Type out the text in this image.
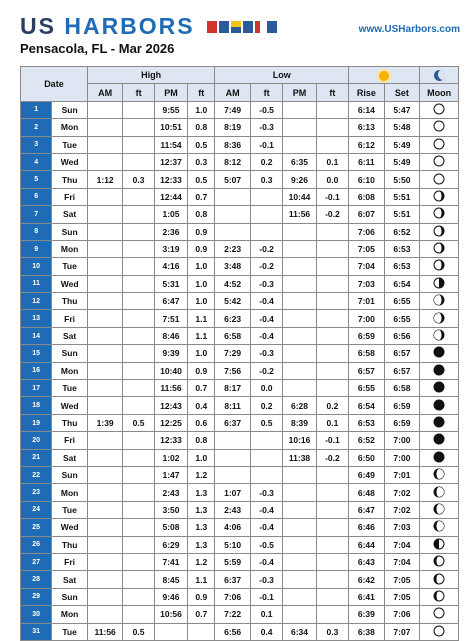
US HARBORS	www.USHarbors.com
Pensacola, FL - Mar 2026
Date		High				Low						
		AM	ft	PM	ft	AM	ft	PM	ft	Rise	Set	Moon
1	Sun			9:55	1.0	7:49	-0.5			6:14	5:47	
2	Mon			10:51	0.8	8:19	-0.3			6:13	5:48	
3	Tue			11:54	0.5	8:36	-0.1			6:12	5:49	
4	Wed			12:37	0.3	8:12	0.2	6:35	0.1	6:11	5:49	
5	Thu	1:12	0.3	12:33	0.5	5:07	0.3	9:26	0.0	6:10	5:50	
6	Fri			12:44	0.7			10:44	-0.1	6:08	5:51	
7	Sat			1:05	0.8			11:56	-0.2	6:07	5:51	
8	Sun			2:36	0.9					7:06	6:52	
9	Mon			3:19	0.9	2:23	-0.2			7:05	6:53	
10	Tue			4:16	1.0	3:48	-0.2			7:04	6:53	
11	Wed			5:31	1.0	4:52	-0.3			7:03	6:54	
12	Thu			6:47	1.0	5:42	-0.4			7:01	6:55	
13	Fri			7:51	1.1	6:23	-0.4			7:00	6:55	
14	Sat			8:46	1.1	6:58	-0.4			6:59	6:56	
15	Sun			9:39	1.0	7:29	-0.3			6:58	6:57	
16	Mon			10:40	0.9	7:56	-0.2			6:57	6:57	
17	Tue			11:56	0.7	8:17	0.0			6:55	6:58	
18	Wed			12:43	0.4	8:11	0.2	6:28	0.2	6:54	6:59	
19	Thu	1:39	0.5	12:25	0.6	6:37	0.5	8:39	0.1	6:53	6:59	
20	Fri			12:33	0.8			10:16	-0.1	6:52	7:00	
21	Sat			1:02	1.0			11:38	-0.2	6:50	7:00	
22	Sun			1:47	1.2					6:49	7:01	
23	Mon			2:43	1.3	1:07	-0.3			6:48	7:02	
24	Tue			3:50	1.3	2:43	-0.4			6:47	7:02	
25	Wed			5:08	1.3	4:06	-0.4			6:46	7:03	
26	Thu			6:29	1.3	5:10	-0.5			6:44	7:04	
27	Fri			7:41	1.2	5:59	-0.4			6:43	7:04	
28	Sat			8:45	1.1	6:37	-0.3			6:42	7:05	
29	Sun			9:46	0.9	7:06	-0.1			6:41	7:05	
30	Mon			10:56	0.7	7:22	0.1			6:39	7:06	
31	Tue	11:56	0.5			6:56	0.4	6:34	0.3	6:38	7:07	
